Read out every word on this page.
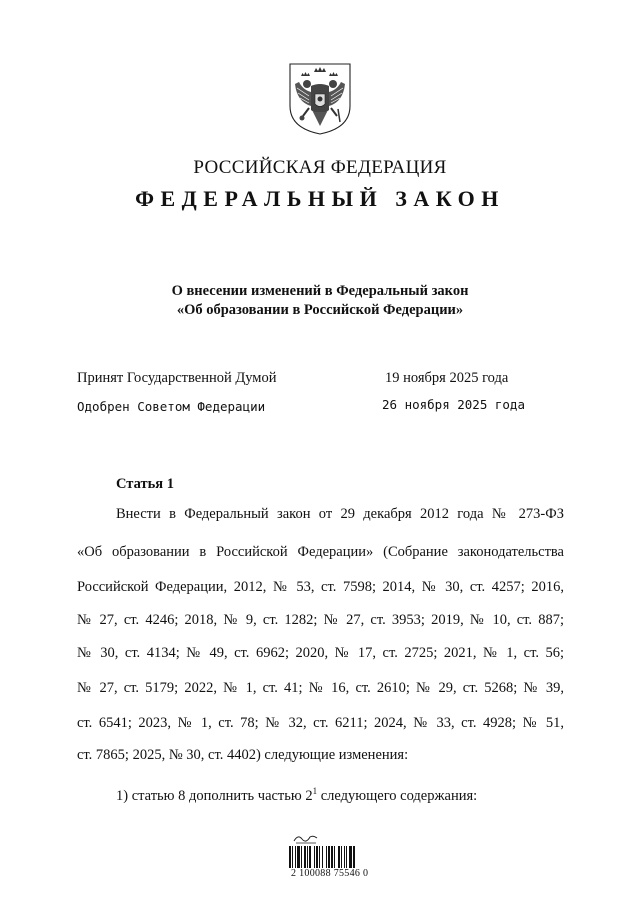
РОССИЙСКАЯ ФЕДЕРАЦИЯ
ФЕДЕРАЛЬНЫЙ ЗАКОН
О внесении изменений в Федеральный закон
«Об образовании в Российской Федерации»
Принят Государственной Думой	19 ноября 2025 года
Одобрен Советом Федерации	26 ноября 2025 года
Статья 1
Внести в Федеральный закон от 29 декабря 2012 года № 273-ФЗ
«Об образовании в Российской Федерации» (Собрание законодательства
Российской Федерации, 2012, № 53, ст. 7598; 2014, № 30, ст. 4257; 2016,
№ 27, ст. 4246; 2018, № 9, ст. 1282; № 27, ст. 3953; 2019, № 10, ст. 887;
№ 30, ст. 4134; № 49, ст. 6962; 2020, № 17, ст. 2725; 2021, № 1, ст. 56;
№ 27, ст. 5179; 2022, № 1, ст. 41; № 16, ст. 2610; № 29, ст. 5268; № 39,
ст. 6541; 2023, № 1, ст. 78; № 32, ст. 6211; 2024, № 33, ст. 4928; № 51,
ст. 7865; 2025, № 30, ст. 4402) следующие изменения:
1) статью 8 дополнить частью $2^1$ следующего содержания:
2 100088 75546 0
